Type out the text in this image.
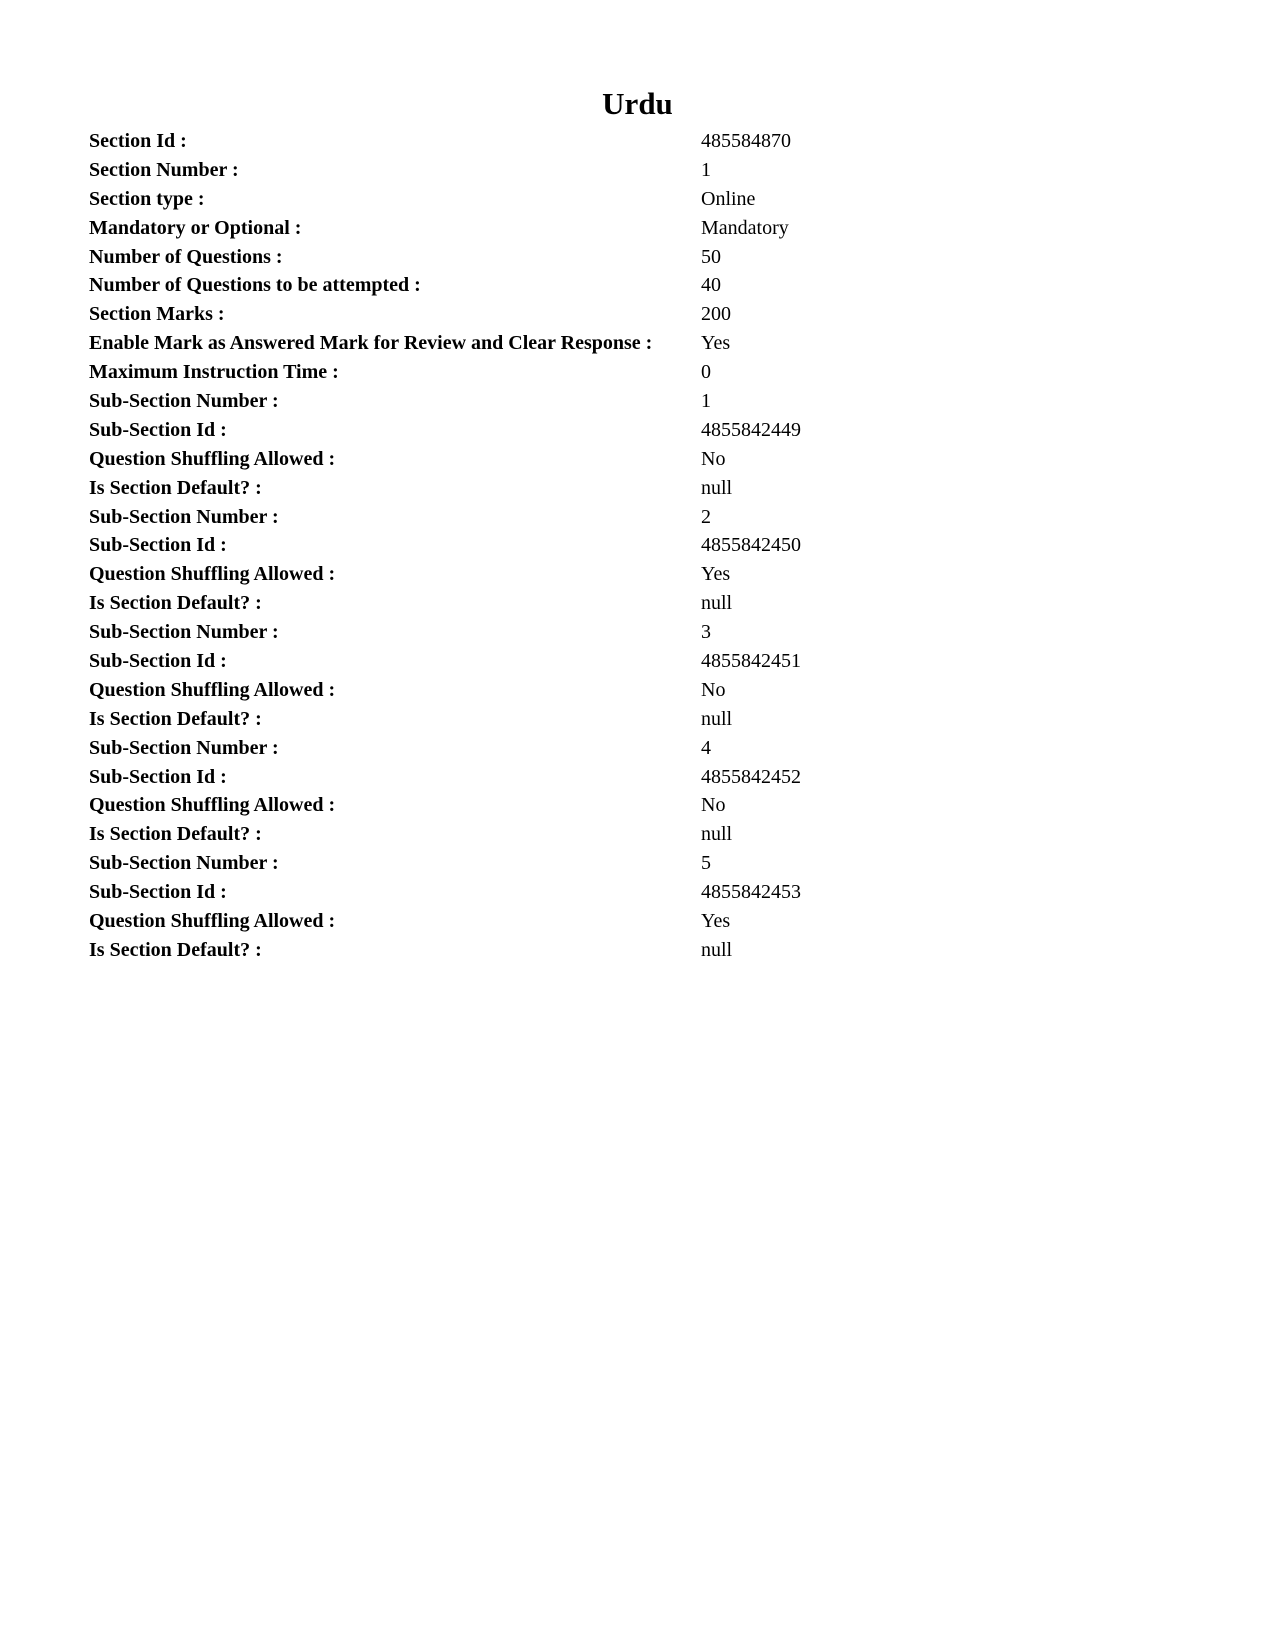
Urdu
Section Id :	485584870
Section Number :	1
Section type :	Online
Mandatory or Optional :	Mandatory
Number of Questions :	50
Number of Questions to be attempted :	40
Section Marks :	200
Enable Mark as Answered Mark for Review and Clear Response :	Yes
Maximum Instruction Time :	0
Sub-Section Number :	1
Sub-Section Id :	4855842449
Question Shuffling Allowed :	No
Is Section Default? :	null
Sub-Section Number :	2
Sub-Section Id :	4855842450
Question Shuffling Allowed :	Yes
Is Section Default? :	null
Sub-Section Number :	3
Sub-Section Id :	4855842451
Question Shuffling Allowed :	No
Is Section Default? :	null
Sub-Section Number :	4
Sub-Section Id :	4855842452
Question Shuffling Allowed :	No
Is Section Default? :	null
Sub-Section Number :	5
Sub-Section Id :	4855842453
Question Shuffling Allowed :	Yes
Is Section Default? :	null
